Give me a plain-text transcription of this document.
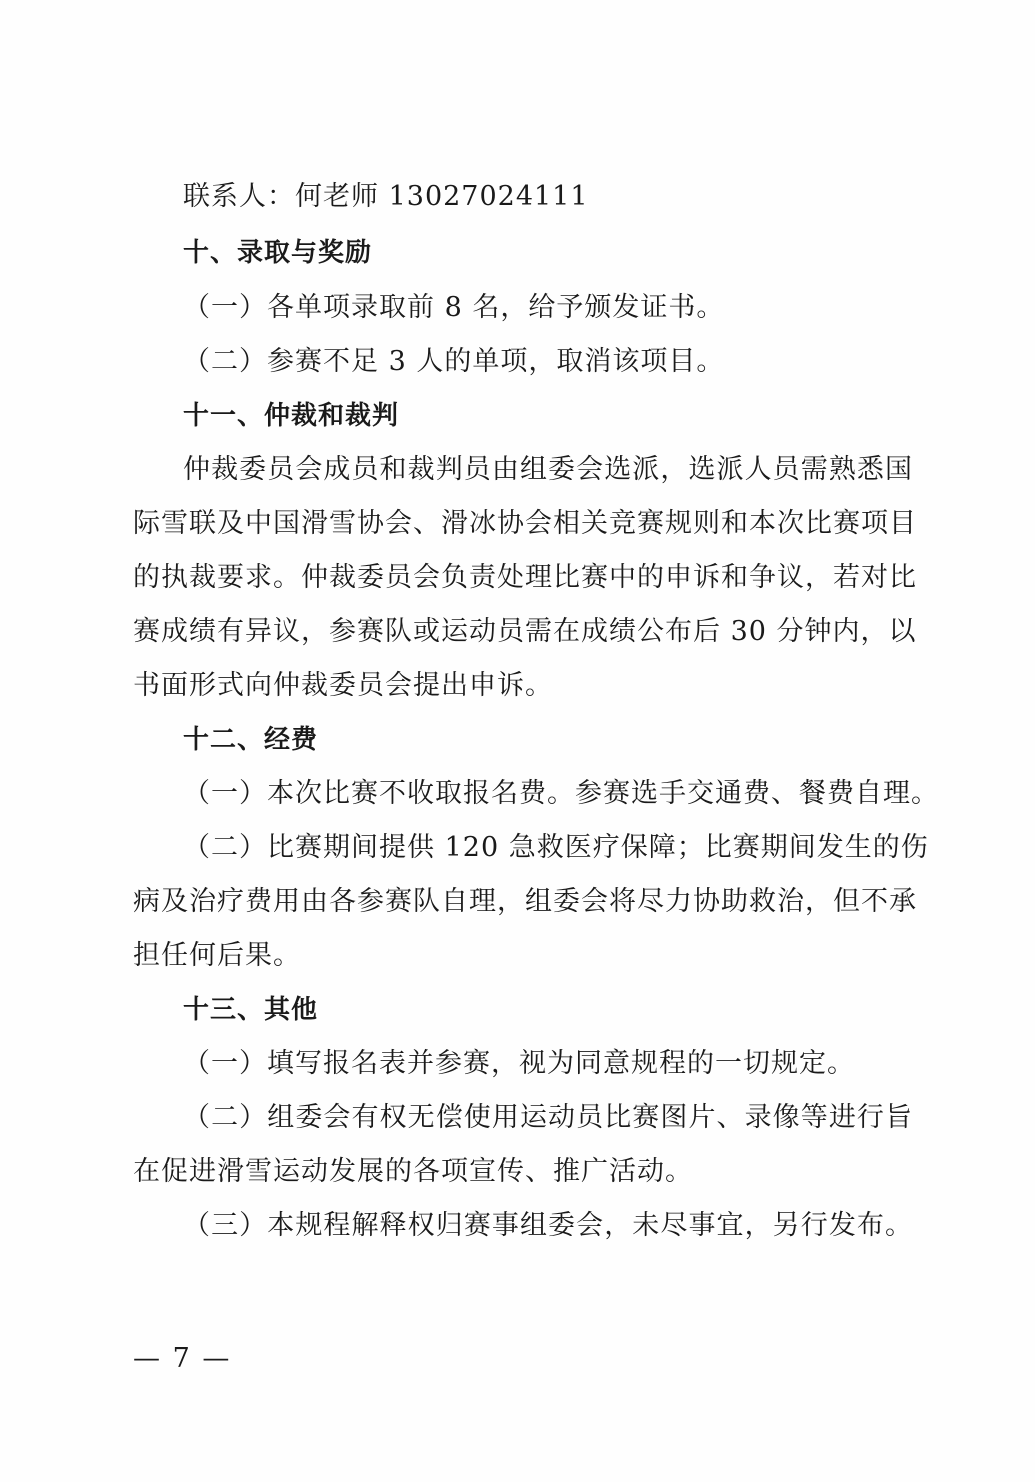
联系人：何老师 13027024111
十、录取与奖励
（一）各单项录取前 8 名，给予颁发证书。
（二）参赛不足 3 人的单项，取消该项目。
十一、仲裁和裁判
仲裁委员会成员和裁判员由组委会选派，选派人员需熟悉国
际雪联及中国滑雪协会、滑冰协会相关竞赛规则和本次比赛项目
的执裁要求。仲裁委员会负责处理比赛中的申诉和争议，若对比
赛成绩有异议，参赛队或运动员需在成绩公布后 30 分钟内，以
书面形式向仲裁委员会提出申诉。
十二、经费
（一）本次比赛不收取报名费。参赛选手交通费、餐费自理。
（二）比赛期间提供 120 急救医疗保障；比赛期间发生的伤
病及治疗费用由各参赛队自理，组委会将尽力协助救治，但不承
担任何后果。
十三、其他
（一）填写报名表并参赛，视为同意规程的一切规定。
（二）组委会有权无偿使用运动员比赛图片、录像等进行旨
在促进滑雪运动发展的各项宣传、推广活动。
（三）本规程解释权归赛事组委会，未尽事宜，另行发布。
— 7 —
